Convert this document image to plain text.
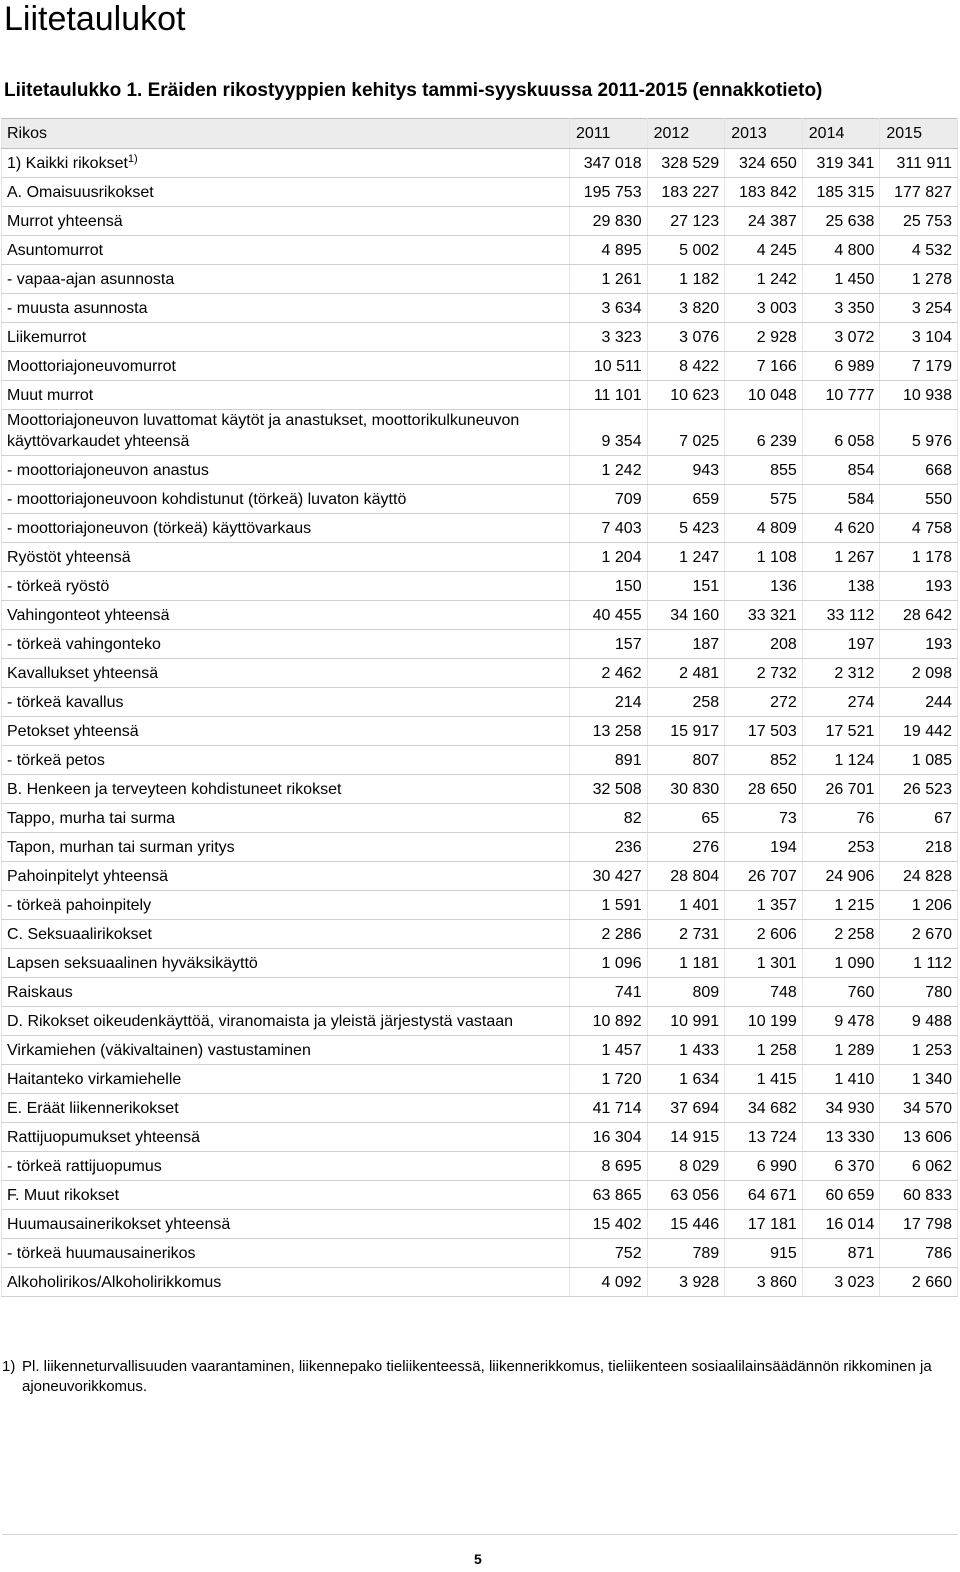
Liitetaulukot
Liitetaulukko 1. Eräiden rikostyyppien kehitys tammi-syyskuussa 2011-2015 (ennakkotieto)
Rikos	2011	2012	2013	2014	2015
1) Kaikki rikokset$^{1)}$	347 018	328 529	324 650	319 341	311 911
A. Omaisuusrikokset	195 753	183 227	183 842	185 315	177 827
Murrot yhteensä	29 830	27 123	24 387	25 638	25 753
Asuntomurrot	4 895	5 002	4 245	4 800	4 532
- vapaa-ajan asunnosta	1 261	1 182	1 242	1 450	1 278
- muusta asunnosta	3 634	3 820	3 003	3 350	3 254
Liikemurrot	3 323	3 076	2 928	3 072	3 104
Moottoriajoneuvomurrot	10 511	8 422	7 166	6 989	7 179
Muut murrot	11 101	10 623	10 048	10 777	10 938
Moottoriajoneuvon luvattomat käytöt ja anastukset, moottorikulkuneuvon käyttövarkaudet yhteensä	9 354	7 025	6 239	6 058	5 976
- moottoriajoneuvon anastus	1 242	943	855	854	668
- moottoriajoneuvoon kohdistunut (törkeä) luvaton käyttö	709	659	575	584	550
- moottoriajoneuvon (törkeä) käyttövarkaus	7 403	5 423	4 809	4 620	4 758
Ryöstöt yhteensä	1 204	1 247	1 108	1 267	1 178
- törkeä ryöstö	150	151	136	138	193
Vahingonteot yhteensä	40 455	34 160	33 321	33 112	28 642
- törkeä vahingonteko	157	187	208	197	193
Kavallukset yhteensä	2 462	2 481	2 732	2 312	2 098
- törkeä kavallus	214	258	272	274	244
Petokset yhteensä	13 258	15 917	17 503	17 521	19 442
- törkeä petos	891	807	852	1 124	1 085
B. Henkeen ja terveyteen kohdistuneet rikokset	32 508	30 830	28 650	26 701	26 523
Tappo, murha tai surma	82	65	73	76	67
Tapon, murhan tai surman yritys	236	276	194	253	218
Pahoinpitelyt yhteensä	30 427	28 804	26 707	24 906	24 828
- törkeä pahoinpitely	1 591	1 401	1 357	1 215	1 206
C. Seksuaalirikokset	2 286	2 731	2 606	2 258	2 670
Lapsen seksuaalinen hyväksikäyttö	1 096	1 181	1 301	1 090	1 112
Raiskaus	741	809	748	760	780
D. Rikokset oikeudenkäyttöä, viranomaista ja yleistä järjestystä vastaan	10 892	10 991	10 199	9 478	9 488
Virkamiehen (väkivaltainen) vastustaminen	1 457	1 433	1 258	1 289	1 253
Haitanteko virkamiehelle	1 720	1 634	1 415	1 410	1 340
E. Eräät liikennerikokset	41 714	37 694	34 682	34 930	34 570
Rattijuopumukset yhteensä	16 304	14 915	13 724	13 330	13 606
- törkeä rattijuopumus	8 695	8 029	6 990	6 370	6 062
F. Muut rikokset	63 865	63 056	64 671	60 659	60 833
Huumausainerikokset yhteensä	15 402	15 446	17 181	16 014	17 798
- törkeä huumausainerikos	752	789	915	871	786
Alkoholirikos/Alkoholirikkomus	4 092	3 928	3 860	3 023	2 660
1) Pl. liikenneturvallisuuden vaarantaminen, liikennepako tieliikenteessä, liikennerikkomus, tieliikenteen sosiaalilainsäädännön rikkominen ja ajoneuvorikkomus.
5
